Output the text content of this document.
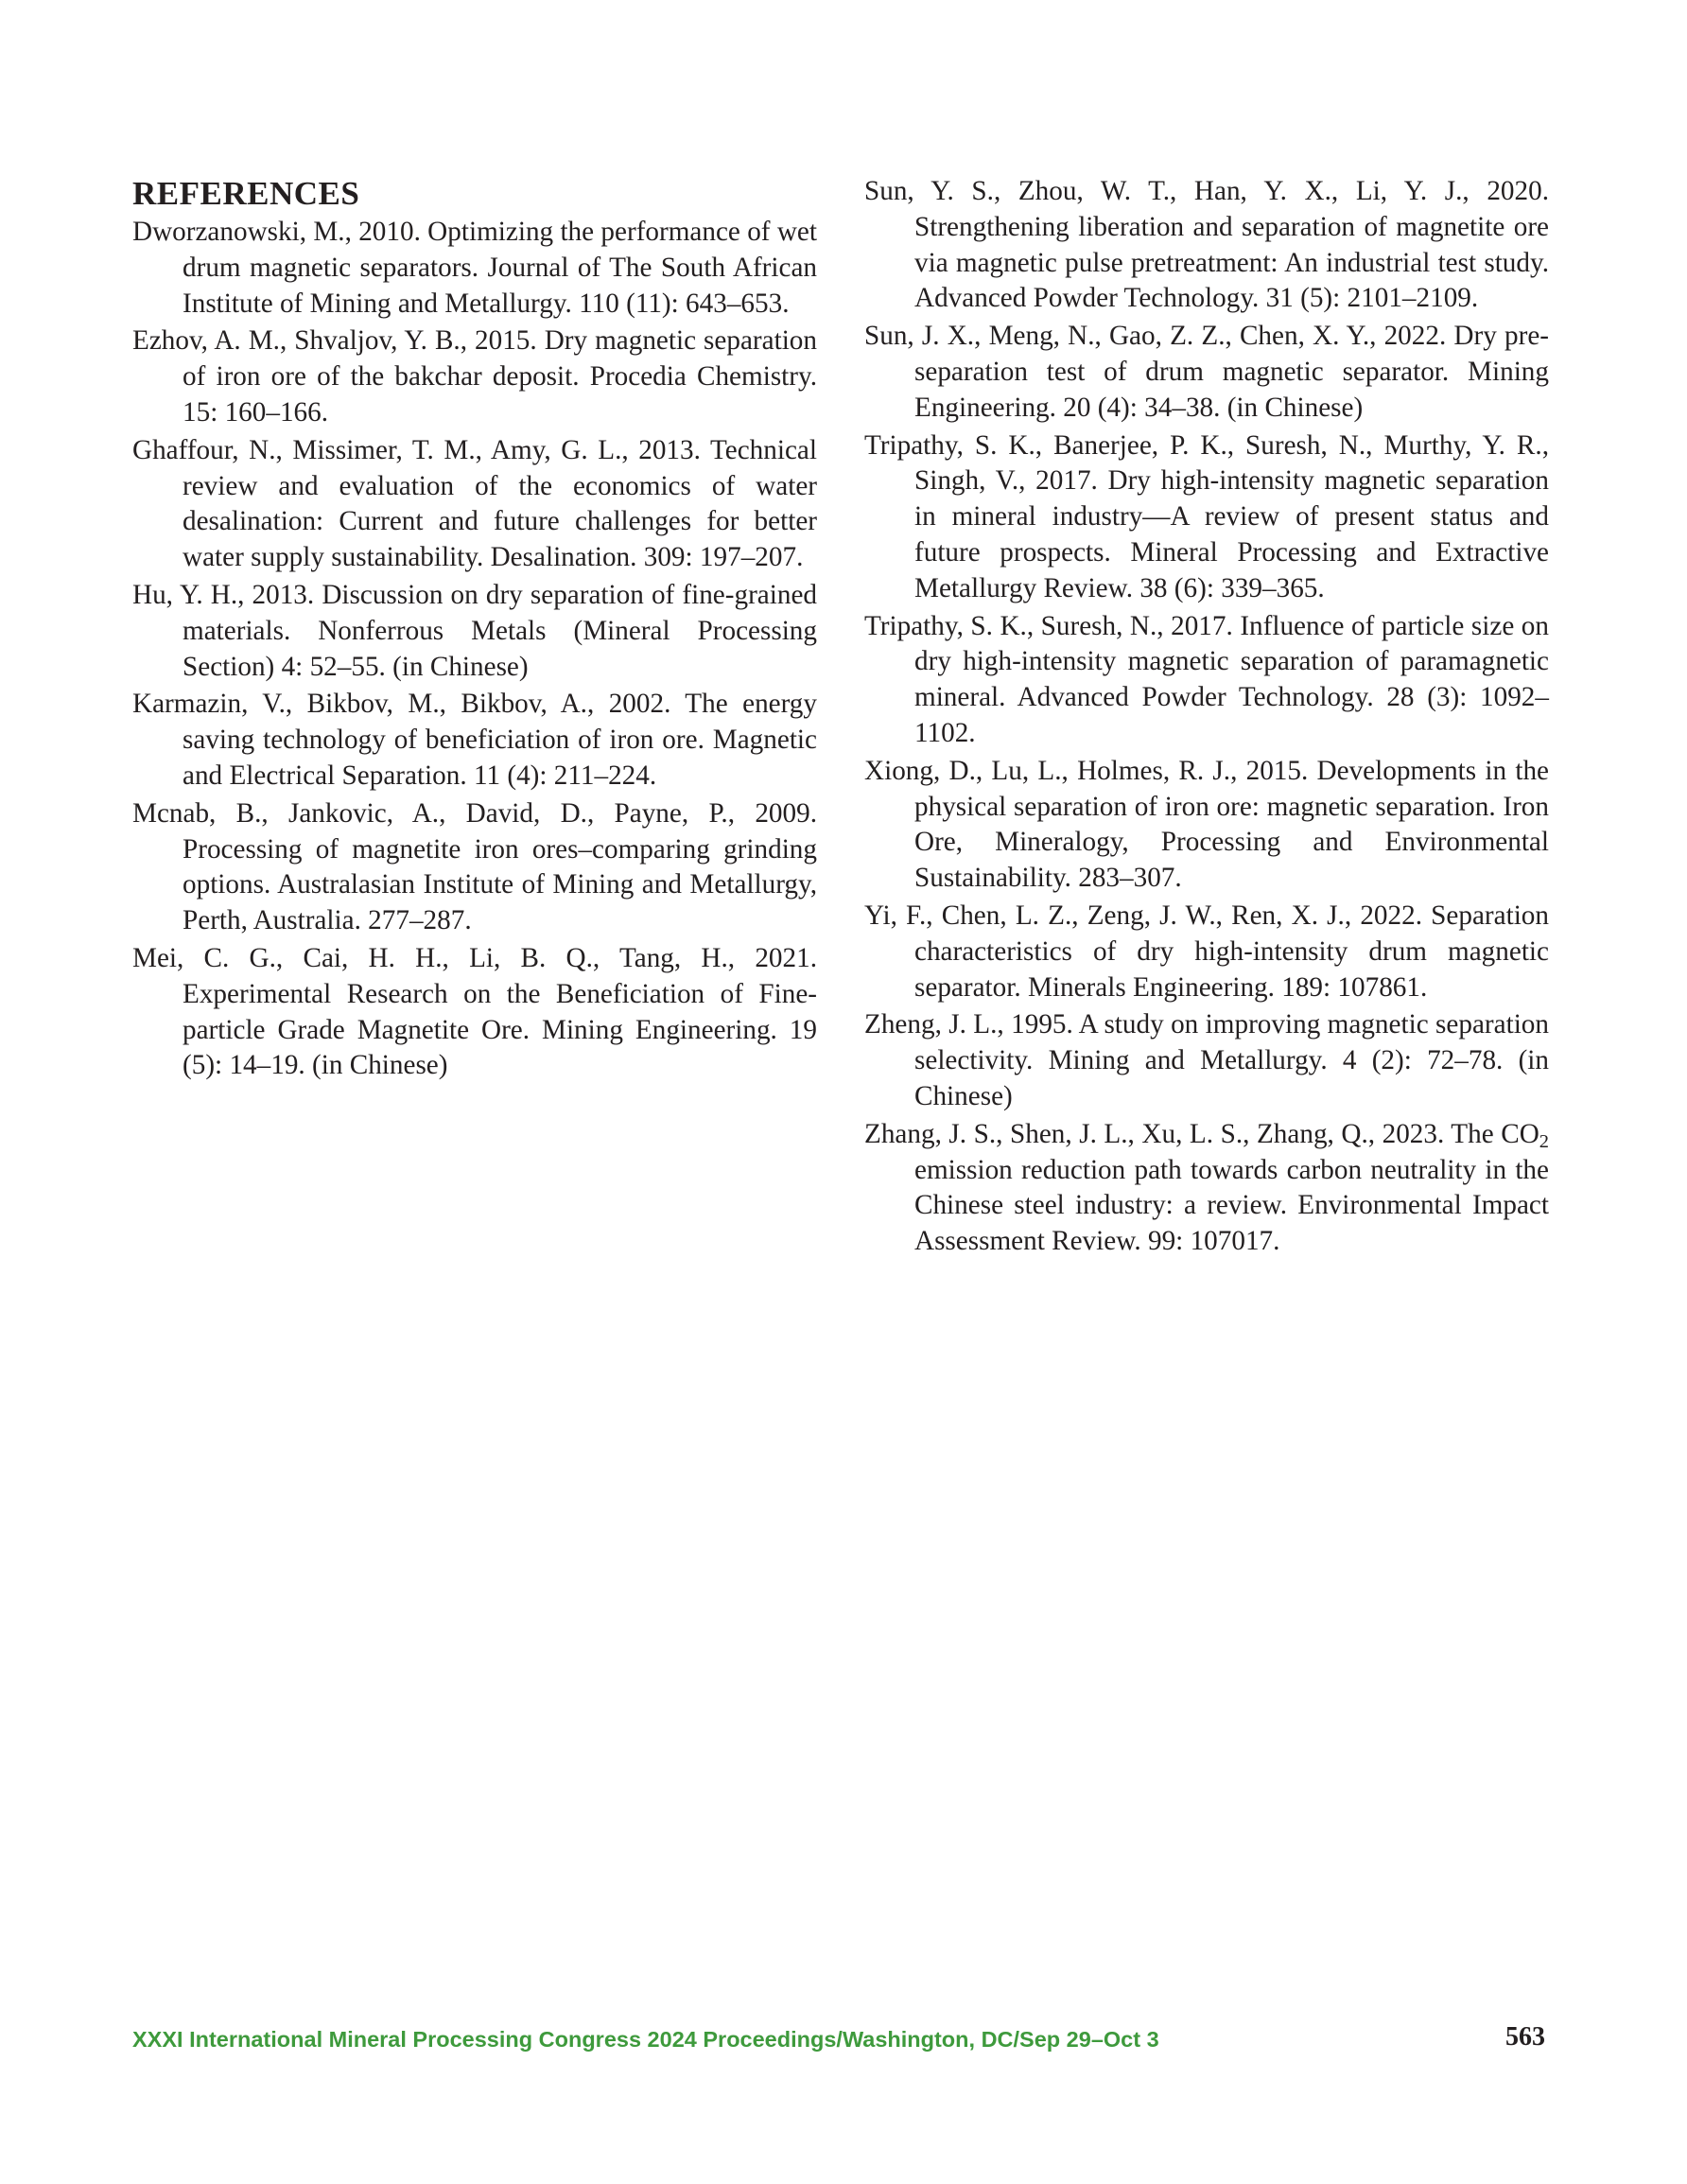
REFERENCES

Dworzanowski, M., 2010. Optimizing the performance of wet drum magnetic separators. Journal of The South African Institute of Mining and Metallurgy. 110 (11): 643–653.

Ezhov, A. M., Shvaljov, Y. B., 2015. Dry magnetic separation of iron ore of the bakchar deposit. Procedia Chemistry. 15: 160–166.

Ghaffour, N., Missimer, T. M., Amy, G. L., 2013. Technical review and evaluation of the economics of water desalination: Current and future challenges for better water supply sustainability. Desalination. 309: 197–207.

Hu, Y. H., 2013. Discussion on dry separation of fine-grained materials. Nonferrous Metals (Mineral Processing Section) 4: 52–55. (in Chinese)

Karmazin, V., Bikbov, M., Bikbov, A., 2002. The energy saving technology of beneficiation of iron ore. Magnetic and Electrical Separation. 11 (4): 211–224.

Mcnab, B., Jankovic, A., David, D., Payne, P., 2009. Processing of magnetite iron ores–comparing grinding options. Australasian Institute of Mining and Metallurgy, Perth, Australia. 277–287.

Mei, C. G., Cai, H. H., Li, B. Q., Tang, H., 2021. Experimental Research on the Beneficiation of Fine-particle Grade Magnetite Ore. Mining Engineering. 19 (5): 14–19. (in Chinese)

Sun, Y. S., Zhou, W. T., Han, Y. X., Li, Y. J., 2020. Strengthening liberation and separation of magnetite ore via magnetic pulse pretreatment: An industrial test study. Advanced Powder Technology. 31 (5): 2101–2109.

Sun, J. X., Meng, N., Gao, Z. Z., Chen, X. Y., 2022. Dry pre-separation test of drum magnetic separator. Mining Engineering. 20 (4): 34–38. (in Chinese)

Tripathy, S. K., Banerjee, P. K., Suresh, N., Murthy, Y. R., Singh, V., 2017. Dry high-intensity magnetic separation in mineral industry—A review of present status and future prospects. Mineral Processing and Extractive Metallurgy Review. 38 (6): 339–365.

Tripathy, S. K., Suresh, N., 2017. Influence of particle size on dry high-intensity magnetic separation of paramagnetic mineral. Advanced Powder Technology. 28 (3): 1092–1102.

Xiong, D., Lu, L., Holmes, R. J., 2015. Developments in the physical separation of iron ore: magnetic separation. Iron Ore, Mineralogy, Processing and Environmental Sustainability. 283–307.

Yi, F., Chen, L. Z., Zeng, J. W., Ren, X. J., 2022. Separation characteristics of dry high-intensity drum magnetic separator. Minerals Engineering. 189: 107861.

Zheng, J. L., 1995. A study on improving magnetic separation selectivity. Mining and Metallurgy. 4 (2): 72–78. (in Chinese)

Zhang, J. S., Shen, J. L., Xu, L. S., Zhang, Q., 2023. The $CO_2$ emission reduction path towards carbon neutrality in the Chinese steel industry: a review. Environmental Impact Assessment Review. 99: 107017.

XXXI International Mineral Processing Congress 2024 Proceedings/Washington, DC/Sep 29–Oct 3	563
